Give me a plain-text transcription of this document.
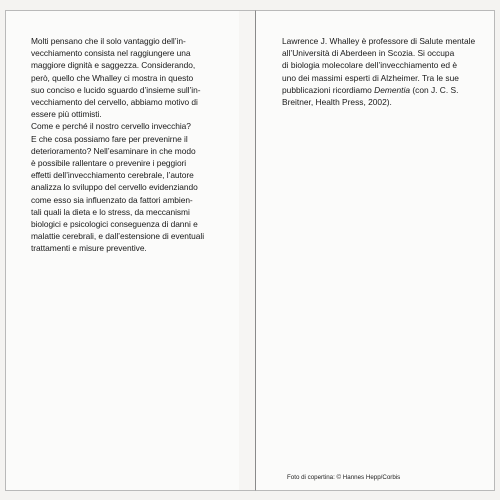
Molti pensano che il solo vantaggio dell’in-
vecchiamento consista nel raggiungere una
maggiore dignità e saggezza. Considerando,
però, quello che Whalley ci mostra in questo
suo conciso e lucido sguardo d’insieme sull’in-
vecchiamento del cervello, abbiamo motivo di
essere più ottimisti.
Come e perché il nostro cervello invecchia?
E che cosa possiamo fare per prevenirne il
deterioramento? Nell’esaminare in che modo
è possibile rallentare o prevenire i peggiori
effetti dell’invecchiamento cerebrale, l’autore
analizza lo sviluppo del cervello evidenziando
come esso sia influenzato da fattori ambien-
tali quali la dieta e lo stress, da meccanismi
biologici e psicologici conseguenza di danni e
malattie cerebrali, e dall’estensione di eventuali
trattamenti e misure preventive.

Lawrence J. Whalley è professore di Salute mentale
all’Università di Aberdeen in Scozia. Si occupa
di biologia molecolare dell’invecchiamento ed è
uno dei massimi esperti di Alzheimer. Tra le sue
pubblicazioni ricordiamo Dementia (con J. C. S.
Breitner, Health Press, 2002).

Foto di copertina: © Hannes Hepp/Corbis
